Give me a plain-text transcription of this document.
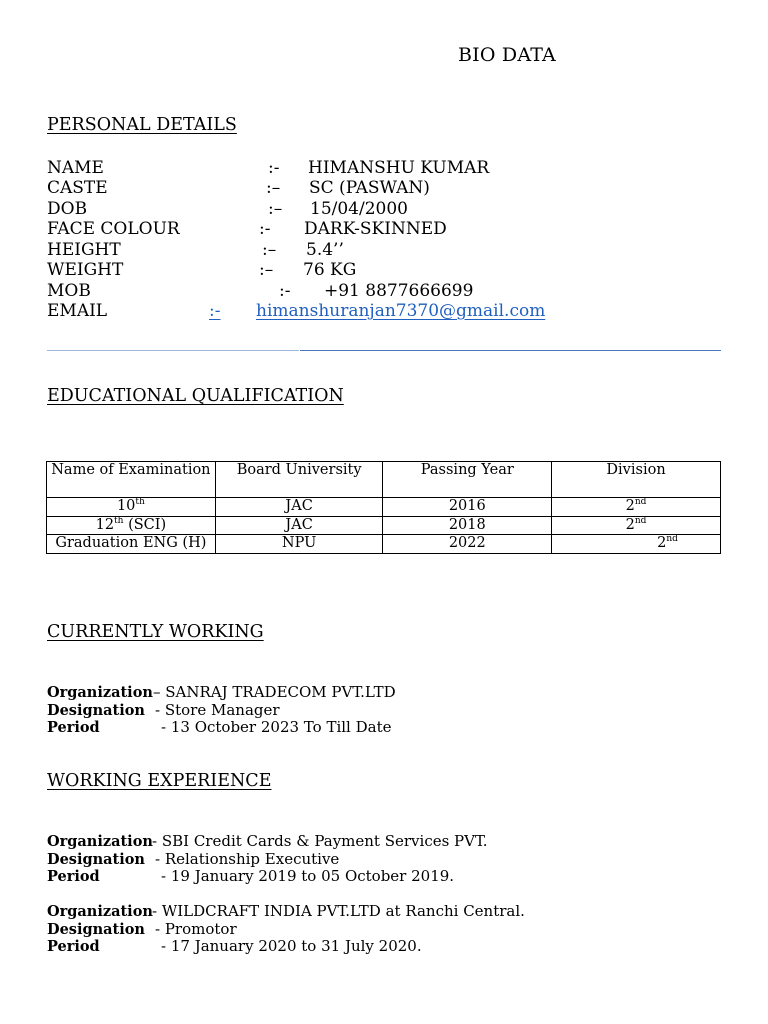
BIO DATA
PERSONAL DETAILS
NAME	:- HIMANSHU KUMAR
CASTE	:– SC (PASWAN)
DOB	:– 15/04/2000
FACE COLOUR	:- DARK-SKINNED
HEIGHT	:– 5.4’’
WEIGHT	:– 76 KG
MOB	:- +91 8877666699
EMAIL	:-	himanshuranjan7370@gmail.com
EDUCATIONAL QUALIFICATION
Name of Examination	Board University	Passing Year	Division
10th	JAC	2016	2nd
12th (SCI)	JAC	2018	2nd
Graduation ENG (H)	NPU	2022	2nd
CURRENTLY WORKING
Organization – SANRAJ TRADECOM PVT.LTD
Designation - Store Manager
Period	- 13 October 2023 To Till Date
WORKING EXPERIENCE
Organization - SBI Credit Cards & Payment Services PVT.
Designation - Relationship Executive
Period	- 19 January 2019 to 05 October 2019.
Organization - WILDCRAFT INDIA PVT.LTD at Ranchi Central.
Designation - Promotor
Period	- 17 January 2020 to 31 July 2020.
